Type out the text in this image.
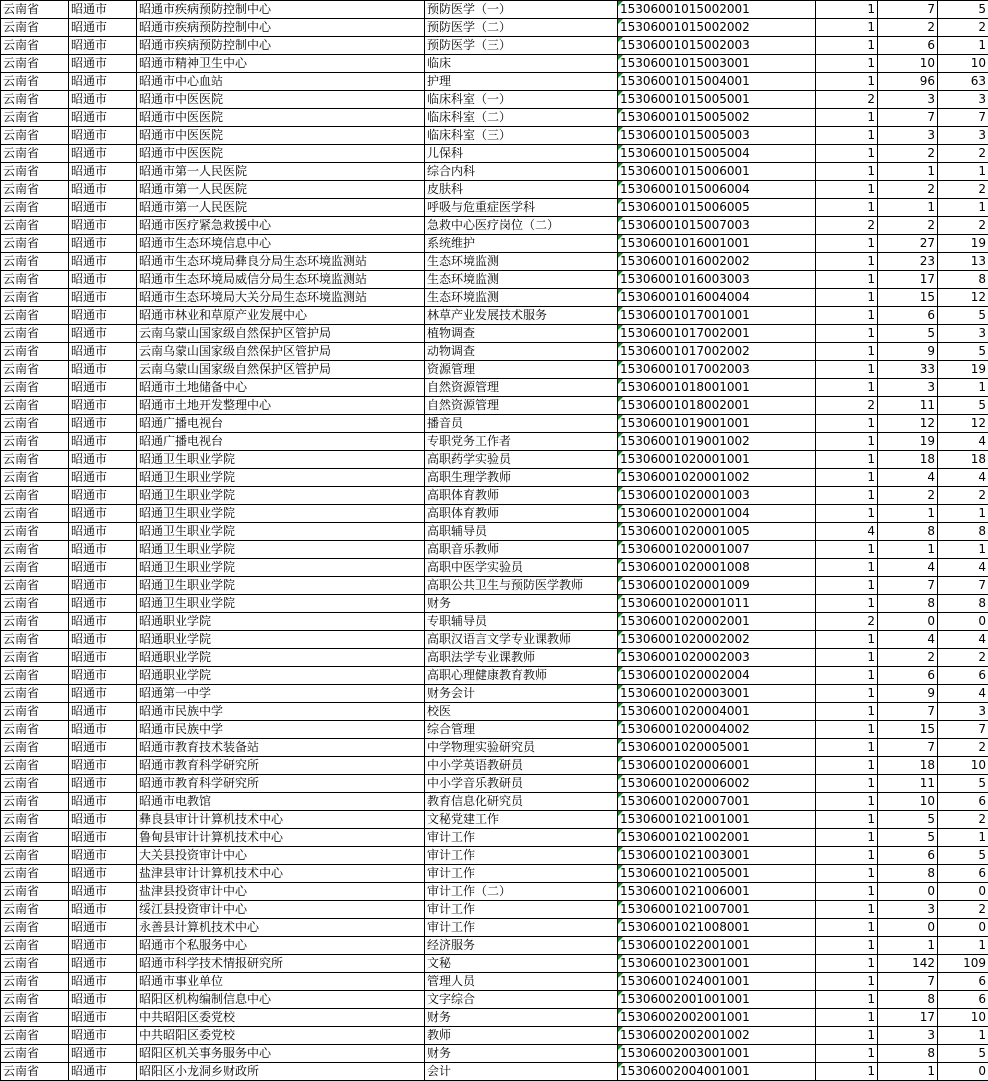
云南省	昭通市	昭通市疾病预防控制中心	预防医学（一）	15306001015002001	1	7	5
云南省	昭通市	昭通市疾病预防控制中心	预防医学（二）	15306001015002002	1	2	2
云南省	昭通市	昭通市疾病预防控制中心	预防医学（三）	15306001015002003	1	6	1
云南省	昭通市	昭通市精神卫生中心	临床	15306001015003001	1	10	10
云南省	昭通市	昭通市中心血站	护理	15306001015004001	1	96	63
云南省	昭通市	昭通市中医医院	临床科室（一）	15306001015005001	2	3	3
云南省	昭通市	昭通市中医医院	临床科室（二）	15306001015005002	1	7	7
云南省	昭通市	昭通市中医医院	临床科室（三）	15306001015005003	1	3	3
云南省	昭通市	昭通市中医医院	儿保科	15306001015005004	1	2	2
云南省	昭通市	昭通市第一人民医院	综合内科	15306001015006001	1	1	1
云南省	昭通市	昭通市第一人民医院	皮肤科	15306001015006004	1	2	2
云南省	昭通市	昭通市第一人民医院	呼吸与危重症医学科	15306001015006005	1	1	1
云南省	昭通市	昭通市医疗紧急救援中心	急救中心医疗岗位（二）	15306001015007003	2	2	2
云南省	昭通市	昭通市生态环境信息中心	系统维护	15306001016001001	1	27	19
云南省	昭通市	昭通市生态环境局彝良分局生态环境监测站	生态环境监测	15306001016002002	1	23	13
云南省	昭通市	昭通市生态环境局威信分局生态环境监测站	生态环境监测	15306001016003003	1	17	8
云南省	昭通市	昭通市生态环境局大关分局生态环境监测站	生态环境监测	15306001016004004	1	15	12
云南省	昭通市	昭通市林业和草原产业发展中心	林草产业发展技术服务	15306001017001001	1	6	5
云南省	昭通市	云南乌蒙山国家级自然保护区管护局	植物调查	15306001017002001	1	5	3
云南省	昭通市	云南乌蒙山国家级自然保护区管护局	动物调查	15306001017002002	1	9	5
云南省	昭通市	云南乌蒙山国家级自然保护区管护局	资源管理	15306001017002003	1	33	19
云南省	昭通市	昭通市土地储备中心	自然资源管理	15306001018001001	1	3	1
云南省	昭通市	昭通市土地开发整理中心	自然资源管理	15306001018002001	2	11	5
云南省	昭通市	昭通广播电视台	播音员	15306001019001001	1	12	12
云南省	昭通市	昭通广播电视台	专职党务工作者	15306001019001002	1	19	4
云南省	昭通市	昭通卫生职业学院	高职药学实验员	15306001020001001	1	18	18
云南省	昭通市	昭通卫生职业学院	高职生理学教师	15306001020001002	1	4	4
云南省	昭通市	昭通卫生职业学院	高职体育教师	15306001020001003	1	2	2
云南省	昭通市	昭通卫生职业学院	高职体育教师	15306001020001004	1	1	1
云南省	昭通市	昭通卫生职业学院	高职辅导员	15306001020001005	4	8	8
云南省	昭通市	昭通卫生职业学院	高职音乐教师	15306001020001007	1	1	1
云南省	昭通市	昭通卫生职业学院	高职中医学实验员	15306001020001008	1	4	4
云南省	昭通市	昭通卫生职业学院	高职公共卫生与预防医学教师	15306001020001009	1	7	7
云南省	昭通市	昭通卫生职业学院	财务	15306001020001011	1	8	8
云南省	昭通市	昭通职业学院	专职辅导员	15306001020002001	2	0	0
云南省	昭通市	昭通职业学院	高职汉语言文学专业课教师	15306001020002002	1	4	4
云南省	昭通市	昭通职业学院	高职法学专业课教师	15306001020002003	1	2	2
云南省	昭通市	昭通职业学院	高职心理健康教育教师	15306001020002004	1	6	6
云南省	昭通市	昭通第一中学	财务会计	15306001020003001	1	9	4
云南省	昭通市	昭通市民族中学	校医	15306001020004001	1	7	3
云南省	昭通市	昭通市民族中学	综合管理	15306001020004002	1	15	7
云南省	昭通市	昭通市教育技术装备站	中学物理实验研究员	15306001020005001	1	7	2
云南省	昭通市	昭通市教育科学研究所	中小学英语教研员	15306001020006001	1	18	10
云南省	昭通市	昭通市教育科学研究所	中小学音乐教研员	15306001020006002	1	11	5
云南省	昭通市	昭通市电教馆	教育信息化研究员	15306001020007001	1	10	6
云南省	昭通市	彝良县审计计算机技术中心	文秘党建工作	15306001021001001	1	5	2
云南省	昭通市	鲁甸县审计计算机技术中心	审计工作	15306001021002001	1	5	1
云南省	昭通市	大关县投资审计中心	审计工作	15306001021003001	1	6	5
云南省	昭通市	盐津县审计计算机技术中心	审计工作	15306001021005001	1	8	6
云南省	昭通市	盐津县投资审计中心	审计工作（二）	15306001021006001	1	0	0
云南省	昭通市	绥江县投资审计中心	审计工作	15306001021007001	1	3	2
云南省	昭通市	永善县计算机技术中心	审计工作	15306001021008001	1	0	0
云南省	昭通市	昭通市个私服务中心	经济服务	15306001022001001	1	1	1
云南省	昭通市	昭通市科学技术情报研究所	文秘	15306001023001001	1	142	109
云南省	昭通市	昭通市事业单位	管理人员	15306001024001001	1	7	6
云南省	昭通市	昭阳区机构编制信息中心	文字综合	15306002001001001	1	8	6
云南省	昭通市	中共昭阳区委党校	财务	15306002002001001	1	17	10
云南省	昭通市	中共昭阳区委党校	教师	15306002002001002	1	3	1
云南省	昭通市	昭阳区机关事务服务中心	财务	15306002003001001	1	8	5
云南省	昭通市	昭阳区小龙洞乡财政所	会计	15306002004001001	1	1	0
